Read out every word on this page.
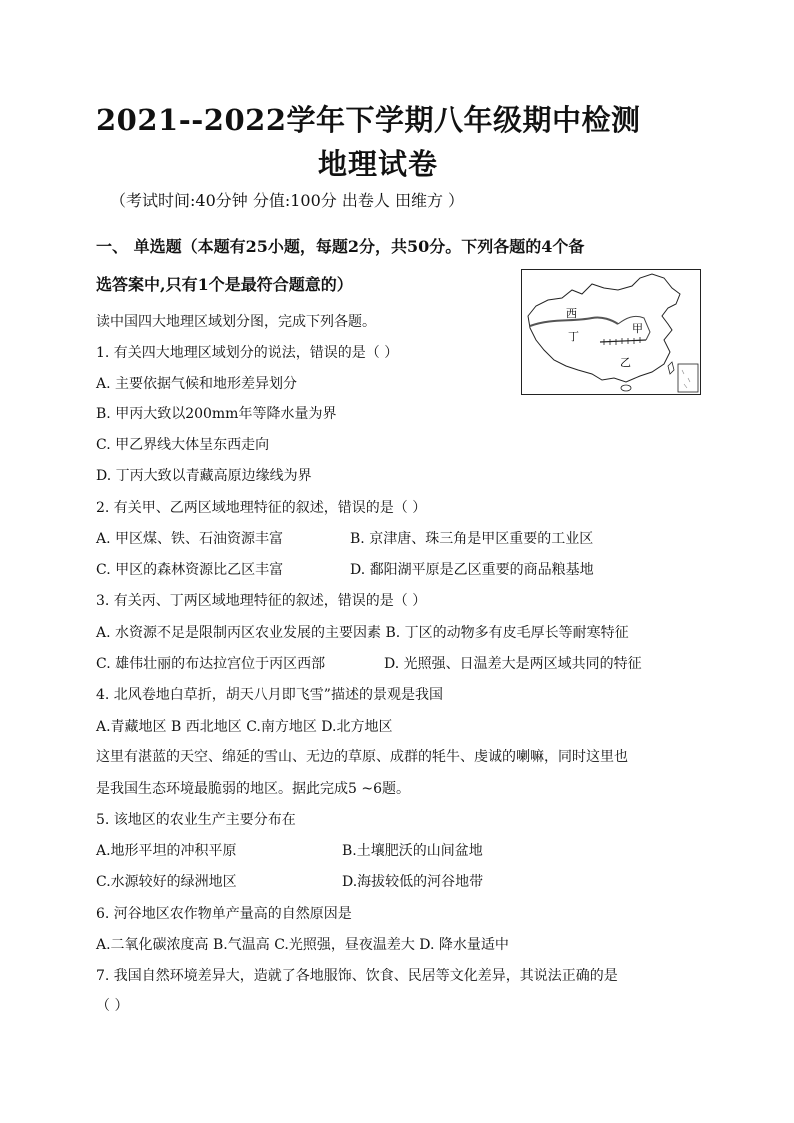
2021--2022学年下学期八年级期中检测
地理试卷
（考试时间:40分钟 分值:100分 出卷人 田维方 ）
一、 单选题（本题有25小题，每题2分，共50分。下列各题的4个备
选答案中,只有1个是最符合题意的）
西
丁
甲
乙
读中国四大地理区域划分图，完成下列各题。
1. 有关四大地理区域划分的说法，错误的是（ ）
A. 主要依据气候和地形差异划分
B. 甲丙大致以200mm年等降水量为界
C. 甲乙界线大体呈东西走向
D. 丁丙大致以青藏高原边缘线为界
2. 有关甲、乙两区域地理特征的叙述，错误的是（ ）
A. 甲区煤、铁、石油资源丰富	B. 京津唐、珠三角是甲区重要的工业区
C. 甲区的森林资源比乙区丰富	D. 鄱阳湖平原是乙区重要的商品粮基地
3. 有关丙、丁两区域地理特征的叙述，错误的是（ ）
A. 水资源不足是限制丙区农业发展的主要因素 B. 丁区的动物多有皮毛厚长等耐寒特征
C. 雄伟壮丽的布达拉宫位于丙区西部	D. 光照强、日温差大是两区域共同的特征
4. 北风卷地白草折，胡天八月即飞雪”描述的景观是我国
A.青藏地区 B 西北地区 C.南方地区 D.北方地区
这里有湛蓝的天空、绵延的雪山、无边的草原、成群的牦牛、虔诚的喇嘛，同时这里也
是我国生态环境最脆弱的地区。据此完成5 ~6题。
5. 该地区的农业生产主要分布在
A.地形平坦的冲积平原	B.土壤肥沃的山间盆地
C.水源较好的绿洲地区	D.海拔较低的河谷地带
6. 河谷地区农作物单产量高的自然原因是
A.二氧化碳浓度高 B.气温高 C.光照强，昼夜温差大 D. 降水量适中
7. 我国自然环境差异大，造就了各地服饰、饮食、民居等文化差异，其说法正确的是
（ ）
